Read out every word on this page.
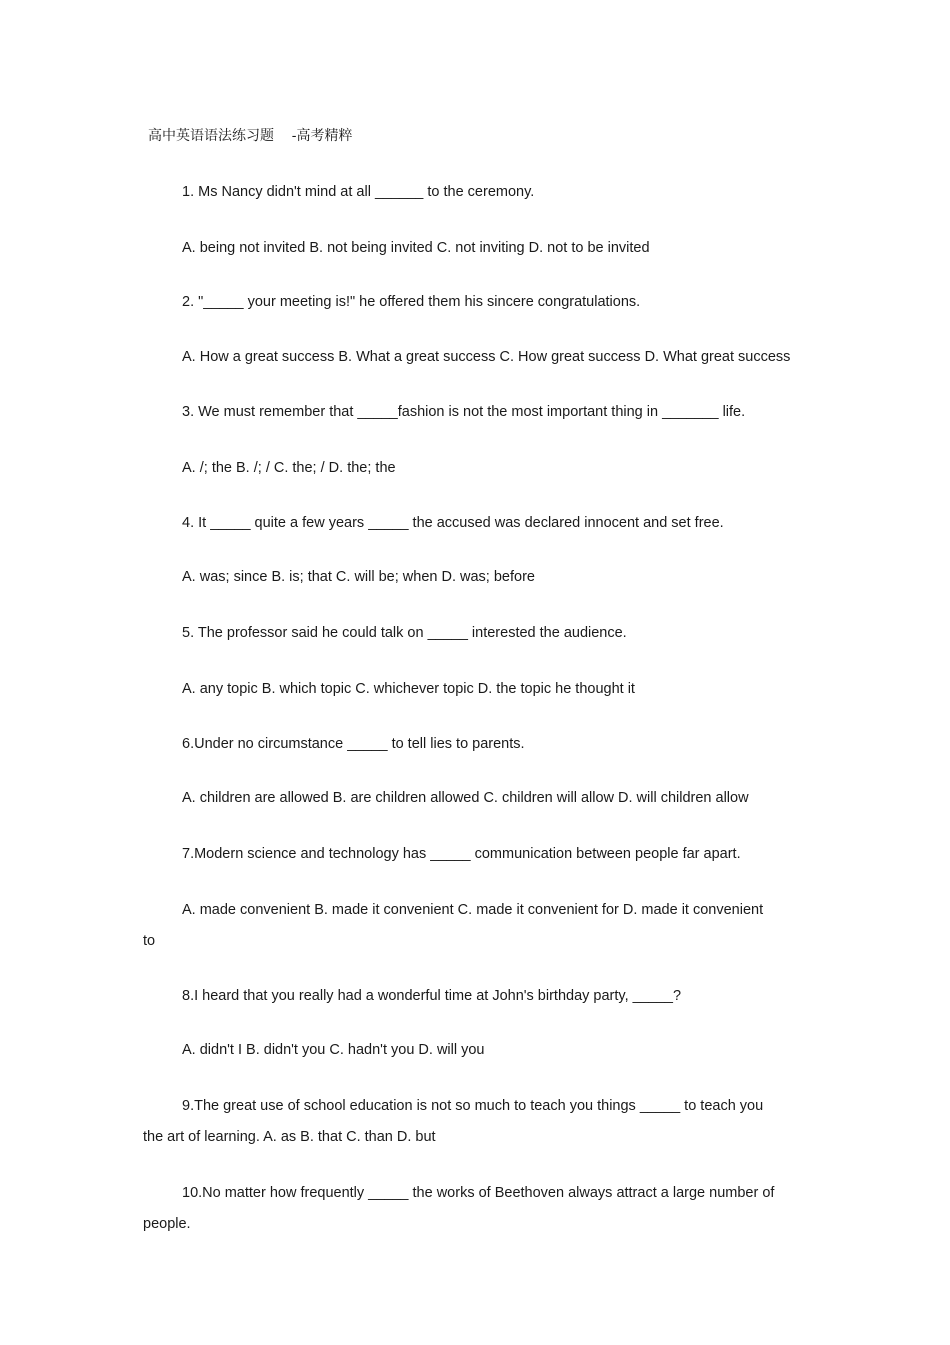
高中英语语法练习题    -高考精粹
1. Ms Nancy didn't mind at all ______ to the ceremony.
A. being not invited B. not being invited C. not inviting D. not to be invited
2. "_____ your meeting is!" he offered them his sincere congratulations.
A. How a great success B. What a great success C. How great success D. What great success
3. We must remember that _____fashion is not the most important thing in _______ life.
A. /; the B. /; / C. the; / D. the; the
4. It _____ quite a few years _____ the accused was declared innocent and set free.
A. was; since B. is; that C. will be; when D. was; before
5. The professor said he could talk on _____ interested the audience.
A. any topic B. which topic C. whichever topic D. the topic he thought it
6.Under no circumstance _____ to tell lies to parents.
A. children are allowed B. are children allowed C. children will allow D. will children allow
7.Modern science and technology has _____ communication between people far apart.
A. made convenient B. made it convenient C. made it convenient for D. made it convenient
to
8.I heard that you really had a wonderful time at John's birthday party, _____?
A. didn't I B. didn't you C. hadn't you D. will you
9.The great use of school education is not so much to teach you things _____ to teach you
the art of learning. A. as B. that C. than D. but
10.No matter how frequently _____ the works of Beethoven always attract a large number of
people.
